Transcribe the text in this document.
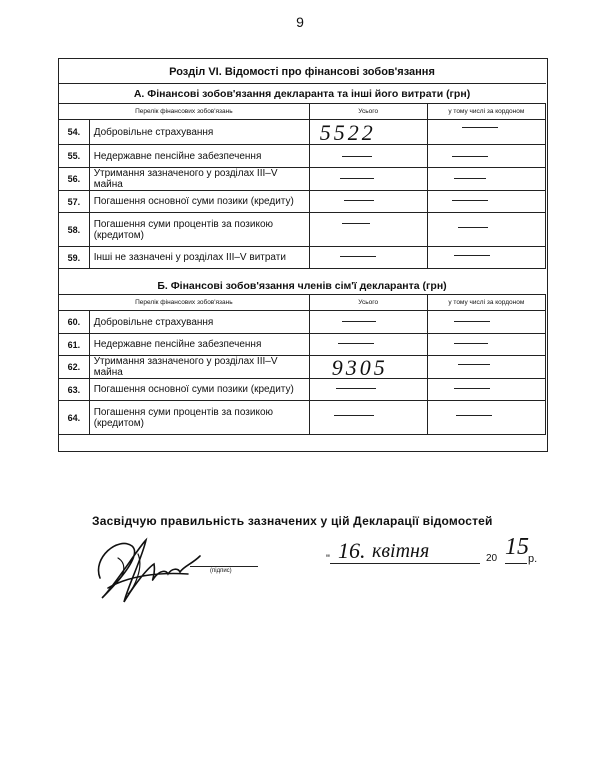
9
Розділ VI. Відомості про фінансові зобов'язання
А. Фінансові зобов'язання декларанта та інші його витрати (грн)
Перелік фінансових зобов'язань		Усього	у тому числі за кордоном
54.	Добровільне страхування	5522	

55.	Недержавне пенсійне забезпечення	

56.	Утримання зазначеного у розділах III–V майна	

57.	Погашення основної суми позики (кредиту)	

58.	Погашення суми процентів за позикою (кредитом)	

59.	Інші не зазначені у розділах III–V витрати	

Б. Фінансові зобов'язання членів сім'ї декларанта (грн)
Перелік фінансових зобов'язань		Усього	у тому числі за кордоном
60.	Добровільне страхування	

61.	Недержавне пенсійне забезпечення	

62.	Утримання зазначеного у розділах III–V майна	9305	

63.	Погашення основної суми позики (кредиту)	

64.	Погашення суми процентів за позикою (кредитом)	

Засвідчую правильність зазначених у цій Декларації відомостей
(підпис)
" 16. квітня	20 15 р.
